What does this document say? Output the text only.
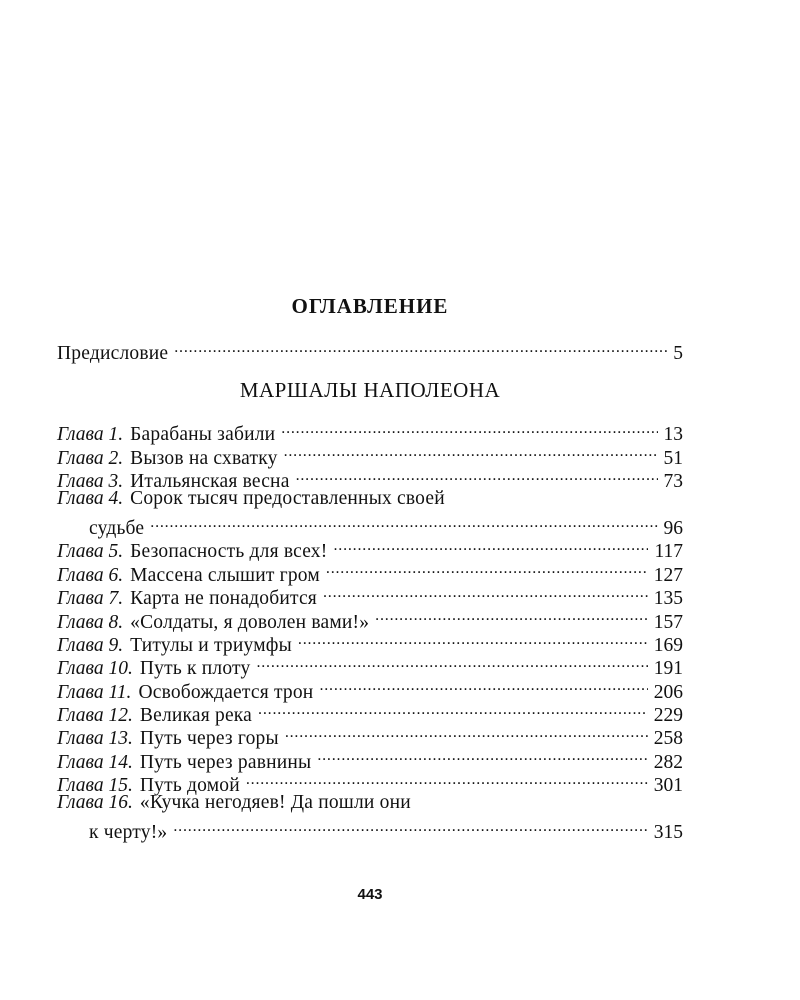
ОГЛАВЛЕНИЕ
Предисловие . . .	5
МАРШАЛЫ НАПОЛЕОНА
Глава 1. Барабаны забили . . .	13
Глава 2. Вызов на схватку . . .	51
Глава 3. Итальянская весна . . .	73
Глава 4. Сорок тысяч предоставленных своей
судьбе . . .	96
Глава 5. Безопасность для всех! . . .	117
Глава 6. Массена слышит гром . . .	127
Глава 7. Карта не понадобится . . .	135
Глава 8. «Солдаты, я доволен вами!» . . .	157
Глава 9. Титулы и триумфы . . .	169
Глава 10. Путь к плоту . . .	191
Глава 11. Освобождается трон . . .	206
Глава 12. Великая река . . .	229
Глава 13. Путь через горы . . .	258
Глава 14. Путь через равнины . . .	282
Глава 15. Путь домой . . .	301
Глава 16. «Кучка негодяев! Да пошли они
к черту!» . . .	315
443
